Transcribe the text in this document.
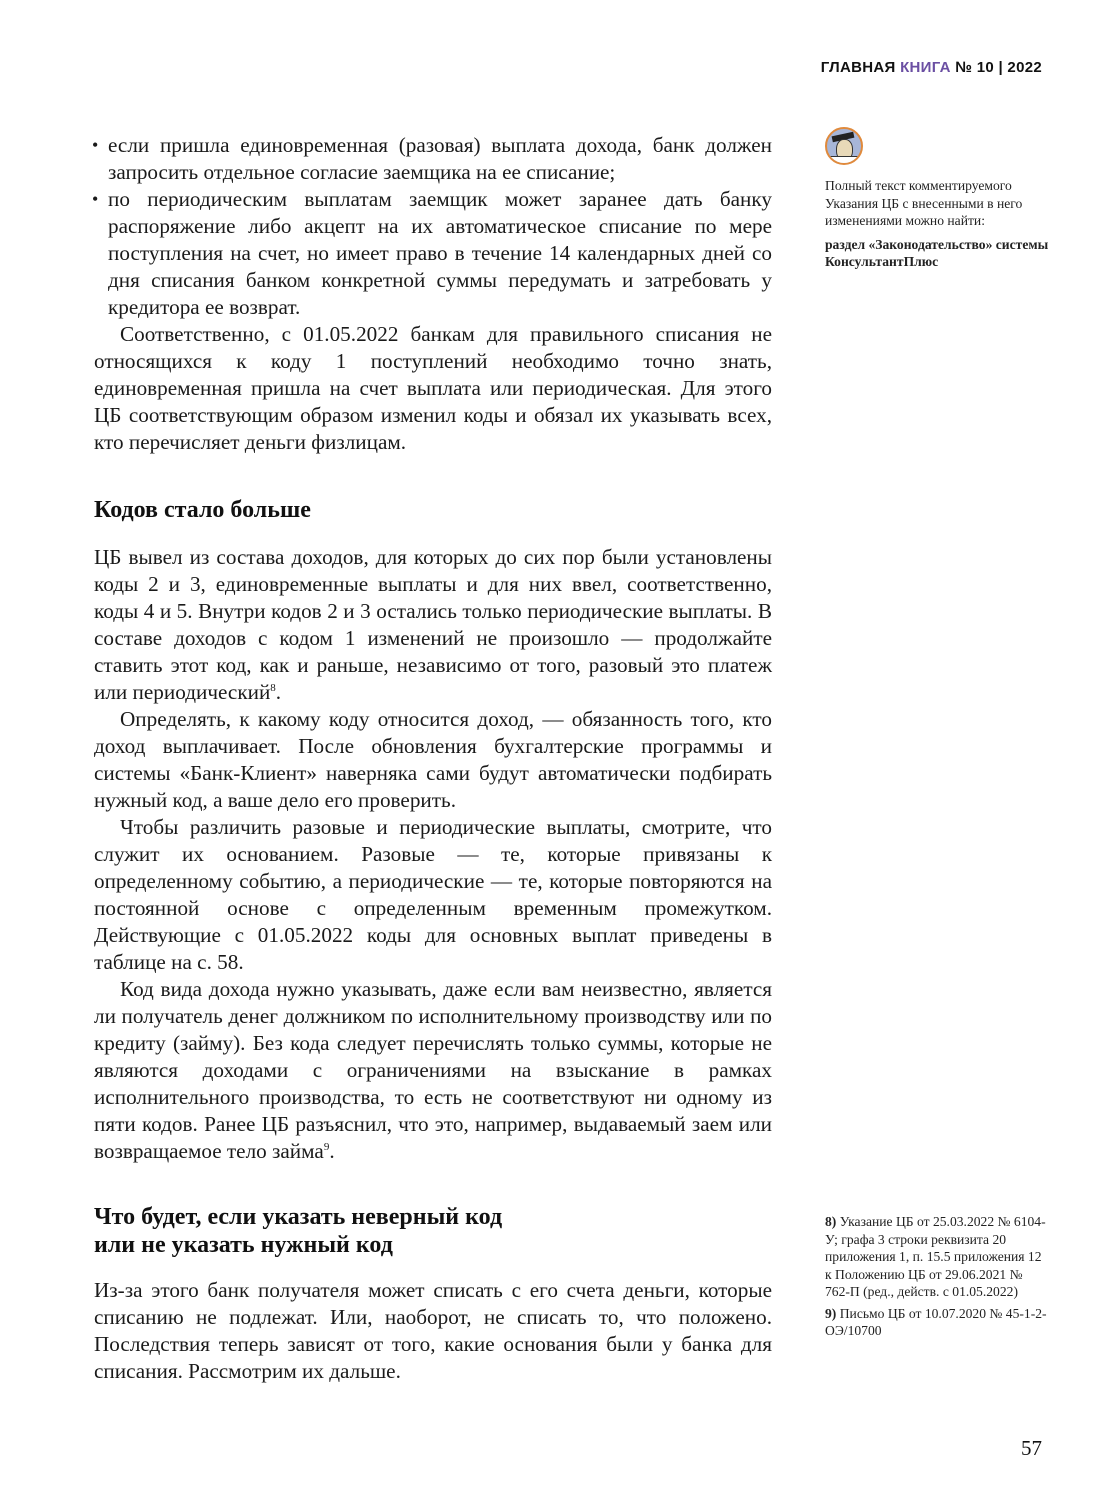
ГЛАВНАЯ КНИГА № 10 | 2022
• если пришла единовременная (разовая) выплата дохода, банк должен запросить отдельное согласие заемщика на ее списание;
• по периодическим выплатам заемщик может заранее дать банку распоряжение либо акцепт на их автоматическое списание по мере поступления на счет, но имеет право в течение 14 календарных дней со дня списания банком конкретной суммы передумать и затребовать у кредитора ее возврат.

Соответственно, с 01.05.2022 банкам для правильного списания не относящихся к коду 1 поступлений необходимо точно знать, единовременная пришла на счет выплата или периодическая. Для этого ЦБ соответствующим образом изменил коды и обязал их указывать всех, кто перечисляет деньги физлицам.

Кодов стало больше

ЦБ вывел из состава доходов, для которых до сих пор были установлены коды 2 и 3, единовременные выплаты и для них ввел, соответственно, коды 4 и 5. Внутри кодов 2 и 3 остались только периодические выплаты. В составе доходов с кодом 1 изменений не произошло — продолжайте ставить этот код, как и раньше, независимо от того, разовый это платеж или периодический$^8$.

Определять, к какому коду относится доход, — обязанность того, кто доход выплачивает. После обновления бухгалтерские программы и системы «Банк-Клиент» наверняка сами будут автоматически подбирать нужный код, а ваше дело его проверить.

Чтобы различить разовые и периодические выплаты, смотрите, что служит их основанием. Разовые — те, которые привязаны к определенному событию, а периодические — те, которые повторяются на постоянной основе с определенным временным промежутком. Действующие с 01.05.2022 коды для основных выплат приведены в таблице на с. 58.

Код вида дохода нужно указывать, даже если вам неизвестно, является ли получатель денег должником по исполнительному производству или по кредиту (займу). Без кода следует перечислять только суммы, которые не являются доходами с ограничениями на взыскание в рамках исполнительного производства, то есть не соответствуют ни одному из пяти кодов. Ранее ЦБ разъяснил, что это, например, выдаваемый заем или возвращаемое тело займа$^9$.

Что будет, если указать неверный код
или не указать нужный код

Из-за этого банк получателя может списать с его счета деньги, которые списанию не подлежат. Или, наоборот, не списать то, что положено. Последствия теперь зависят от того, какие основания были у банка для списания. Рассмотрим их дальше.

Полный текст комментируемого Указания ЦБ с внесенными в него изменениями можно найти:
раздел «Законодательство» системы КонсультантПлюс

8) Указание ЦБ от 25.03.2022 № 6104-У; графа 3 строки реквизита 20 приложения 1, п. 15.5 приложения 12 к Положению ЦБ от 29.06.2021 № 762-П (ред., действ. с 01.05.2022)

9) Письмо ЦБ от 10.07.2020 № 45-1-2-ОЭ/10700

57
